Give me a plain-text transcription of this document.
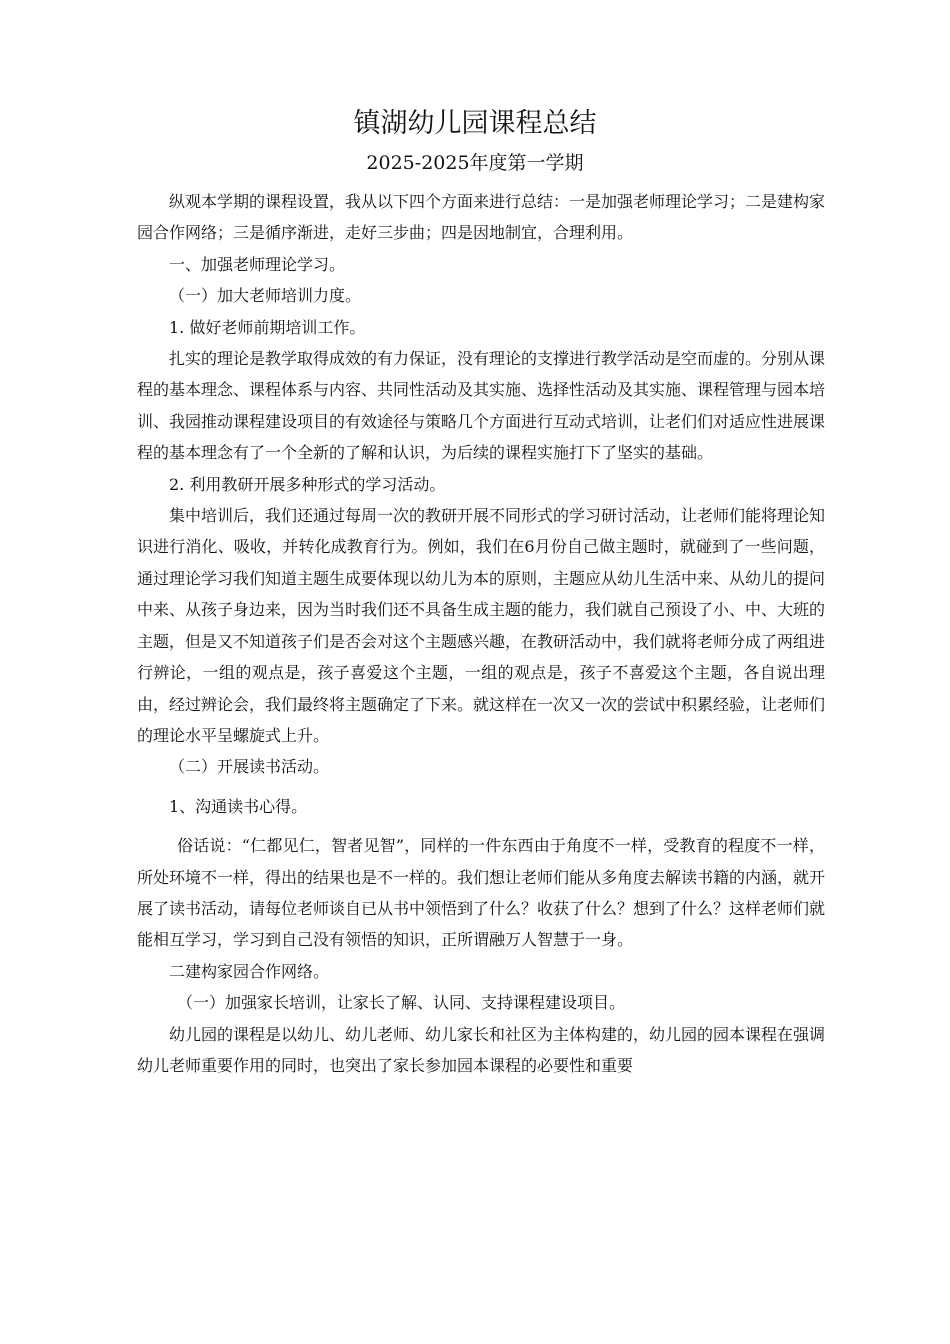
镇湖幼儿园课程总结
2025-2025年度第一学期

纵观本学期的课程设置，我从以下四个方面来进行总结：一是加强老师理论学习；二是建构家园合作网络；三是循序渐进，走好三步曲；四是因地制宜，合理利用。

一、加强老师理论学习。

（一）加大老师培训力度。

1. 做好老师前期培训工作。

扎实的理论是教学取得成效的有力保证，没有理论的支撑进行教学活动是空而虚的。分别从课程的基本理念、课程体系与内容、共同性活动及其实施、选择性活动及其实施、课程管理与园本培训、我园推动课程建设项目的有效途径与策略几个方面进行互动式培训，让老们们对适应性进展课程的基本理念有了一个全新的了解和认识，为后续的课程实施打下了坚实的基础。

2. 利用教研开展多种形式的学习活动。

集中培训后，我们还通过每周一次的教研开展不同形式的学习研讨活动，让老师们能将理论知识进行消化、吸收，并转化成教育行为。例如，我们在6月份自己做主题时，就碰到了一些问题，通过理论学习我们知道主题生成要体现以幼儿为本的原则，主题应从幼儿生活中来、从幼儿的提问中来、从孩子身边来，因为当时我们还不具备生成主题的能力，我们就自己预设了小、中、大班的主题，但是又不知道孩子们是否会对这个主题感兴趣，在教研活动中，我们就将老师分成了两组进行辨论，一组的观点是，孩子喜爱这个主题，一组的观点是，孩子不喜爱这个主题，各自说出理由，经过辨论会，我们最终将主题确定了下来。就这样在一次又一次的尝试中积累经验，让老师们的理论水平呈螺旋式上升。

（二）开展读书活动。

1、沟通读书心得。

俗话说：“仁都见仁，智者见智”，同样的一件东西由于角度不一样，受教育的程度不一样，所处环境不一样，得出的结果也是不一样的。我们想让老师们能从多角度去解读书籍的内涵，就开展了读书活动，请每位老师谈自已从书中领悟到了什么？收获了什么？想到了什么？这样老师们就能相互学习，学习到自己没有领悟的知识，正所谓融万人智慧于一身。

二建构家园合作网络。

（一）加强家长培训，让家长了解、认同、支持课程建设项目。

幼儿园的课程是以幼儿、幼儿老师、幼儿家长和社区为主体构建的，幼儿园的园本课程在强调幼儿老师重要作用的同时，也突出了家长参加园本课程的必要性和重要
